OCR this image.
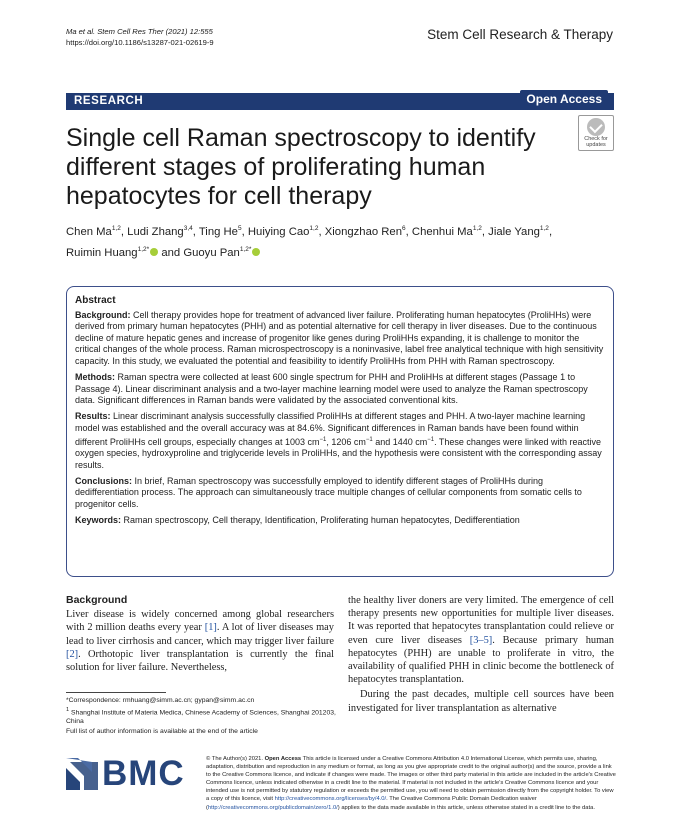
Ma et al. Stem Cell Res Ther (2021) 12:555
https://doi.org/10.1186/s13287-021-02619-9
Stem Cell Research & Therapy
RESEARCH	Open Access
Single cell Raman spectroscopy to identify different stages of proliferating human hepatocytes for cell therapy
Check for
updates
Chen Ma$^{1,2}$, Ludi Zhang$^{3,4}$, Ting He$^5$, Huiying Cao$^{1,2}$, Xiongzhao Ren$^6$, Chenhui Ma$^{1,2}$, Jiale Yang$^{1,2}$,
Ruimin Huang$^{1,2*}$ and Guoyu Pan$^{1,2*}$
Abstract

Background: Cell therapy provides hope for treatment of advanced liver failure. Proliferating human hepatocytes (ProliHHs) were derived from primary human hepatocytes (PHH) and as potential alternative for cell therapy in liver diseases. Due to the continuous decline of mature hepatic genes and increase of progenitor like genes during ProliHHs expanding, it is challenge to monitor the critical changes of the whole process. Raman microspectroscopy is a noninvasive, label free analytical technique with high sensitivity capacity. In this study, we evaluated the potential and feasibility to identify ProliHHs from PHH with Raman spectroscopy.

Methods: Raman spectra were collected at least 600 single spectrum for PHH and ProliHHs at different stages (Passage 1 to Passage 4). Linear discriminant analysis and a two-layer machine learning model were used to analyze the Raman spectroscopy data. Significant differences in Raman bands were validated by the associated conventional kits.

Results: Linear discriminant analysis successfully classified ProliHHs at different stages and PHH. A two-layer machine learning model was established and the overall accuracy was at 84.6%. Significant differences in Raman bands have been found within different ProliHHs cell groups, especially changes at 1003 $cm^{-1}$, 1206 $cm^{-1}$ and 1440 $cm^{-1}$. These changes were linked with reactive oxygen species, hydroxyproline and triglyceride levels in ProliHHs, and the hypothesis were consistent with the corresponding assay results.

Conclusions: In brief, Raman spectroscopy was successfully employed to identify different stages of ProliHHs during dedifferentiation process. The approach can simultaneously trace multiple changes of cellular components from somatic cells to progenitor cells.

Keywords: Raman spectroscopy, Cell therapy, Identification, Proliferating human hepatocytes, Dedifferentiation

Background

Liver disease is widely concerned among global researchers with 2 million deaths every year [1]. A lot of liver diseases may lead to liver cirrhosis and cancer, which may trigger liver failure [2]. Orthotopic liver transplantation is currently the final solution for liver failure. Nevertheless,

the healthy liver doners are very limited. The emergence of cell therapy presents new opportunities for multiple liver diseases. It was reported that hepatocytes transplantation could relieve or even cure liver diseases [3–5]. Because primary human hepatocytes (PHH) are unable to proliferate in vitro, the availability of qualified PHH in clinic become the bottleneck of hepatocytes transplantation.

During the past decades, multiple cell sources have been investigated for liver transplantation as alternative

*Correspondence: rmhuang@simm.ac.cn; gypan@simm.ac.cn
$^1$ Shanghai Institute of Materia Medica, Chinese Academy of Sciences, Shanghai 201203, China
Full list of author information is available at the end of the article
BMC	© The Author(s) 2021. Open Access This article is licensed under a Creative Commons Attribution 4.0 International License, which permits use, sharing, adaptation, distribution and reproduction in any medium or format, as long as you give appropriate credit to the original author(s) and the source, provide a link to the Creative Commons licence, and indicate if changes were made. The images or other third party material in this article are included in the article's Creative Commons licence, unless indicated otherwise in a credit line to the material. If material is not included in the article's Creative Commons licence and your intended use is not permitted by statutory regulation or exceeds the permitted use, you will need to obtain permission directly from the copyright holder. To view a copy of this licence, visit http://creativecommons.org/licenses/by/4.0/. The Creative Commons Public Domain Dedication waiver (http://creativecommons.org/publicdomain/zero/1.0/) applies to the data made available in this article, unless otherwise stated in a credit line to the data.
